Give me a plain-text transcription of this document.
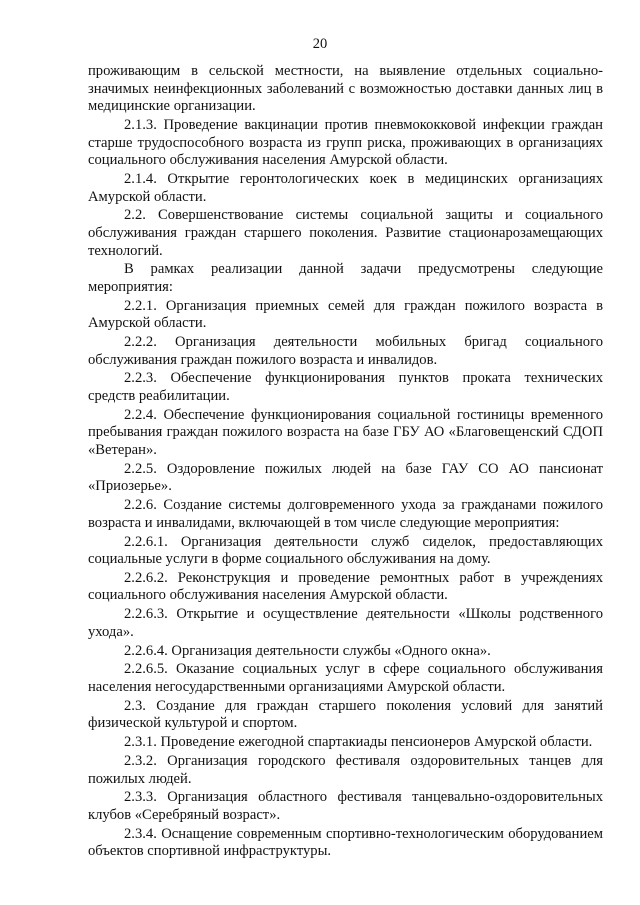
20

проживающим в сельской местности, на выявление отдельных социально-значимых неинфекционных заболеваний с возможностью доставки данных лиц в медицинские организации.

2.1.3. Проведение вакцинации против пневмококковой инфекции граждан старше трудоспособного возраста из групп риска, проживающих в организациях социального обслуживания населения Амурской области.

2.1.4. Открытие геронтологических коек в медицинских организациях Амурской области.

2.2. Совершенствование системы социальной защиты и социального обслуживания граждан старшего поколения. Развитие стационарозамещающих технологий.

В рамках реализации данной задачи предусмотрены следующие мероприятия:

2.2.1. Организация приемных семей для граждан пожилого возраста в Амурской области.

2.2.2. Организация деятельности мобильных бригад социального обслуживания граждан пожилого возраста и инвалидов.

2.2.3. Обеспечение функционирования пунктов проката технических средств реабилитации.

2.2.4. Обеспечение функционирования социальной гостиницы временного пребывания граждан пожилого возраста на базе ГБУ АО «Благовещенский СДОП «Ветеран».

2.2.5. Оздоровление пожилых людей на базе ГАУ СО АО пансионат «Приозерье».

2.2.6. Создание системы долговременного ухода за гражданами пожилого возраста и инвалидами, включающей в том числе следующие мероприятия:

2.2.6.1. Организация деятельности служб сиделок, предоставляющих социальные услуги в форме социального обслуживания на дому.

2.2.6.2. Реконструкция и проведение ремонтных работ в учреждениях социального обслуживания населения Амурской области.

2.2.6.3. Открытие и осуществление деятельности «Школы родственного ухода».

2.2.6.4. Организация деятельности службы «Одного окна».

2.2.6.5. Оказание социальных услуг в сфере социального обслуживания населения негосударственными организациями Амурской области.

2.3. Создание для граждан старшего поколения условий для занятий физической культурой и спортом.

2.3.1. Проведение ежегодной спартакиады пенсионеров Амурской области.

2.3.2. Организация городского фестиваля оздоровительных танцев для пожилых людей.

2.3.3. Организация областного фестиваля танцевально-оздоровительных клубов «Серебряный возраст».

2.3.4. Оснащение современным спортивно-технологическим оборудованием объектов спортивной инфраструктуры.
